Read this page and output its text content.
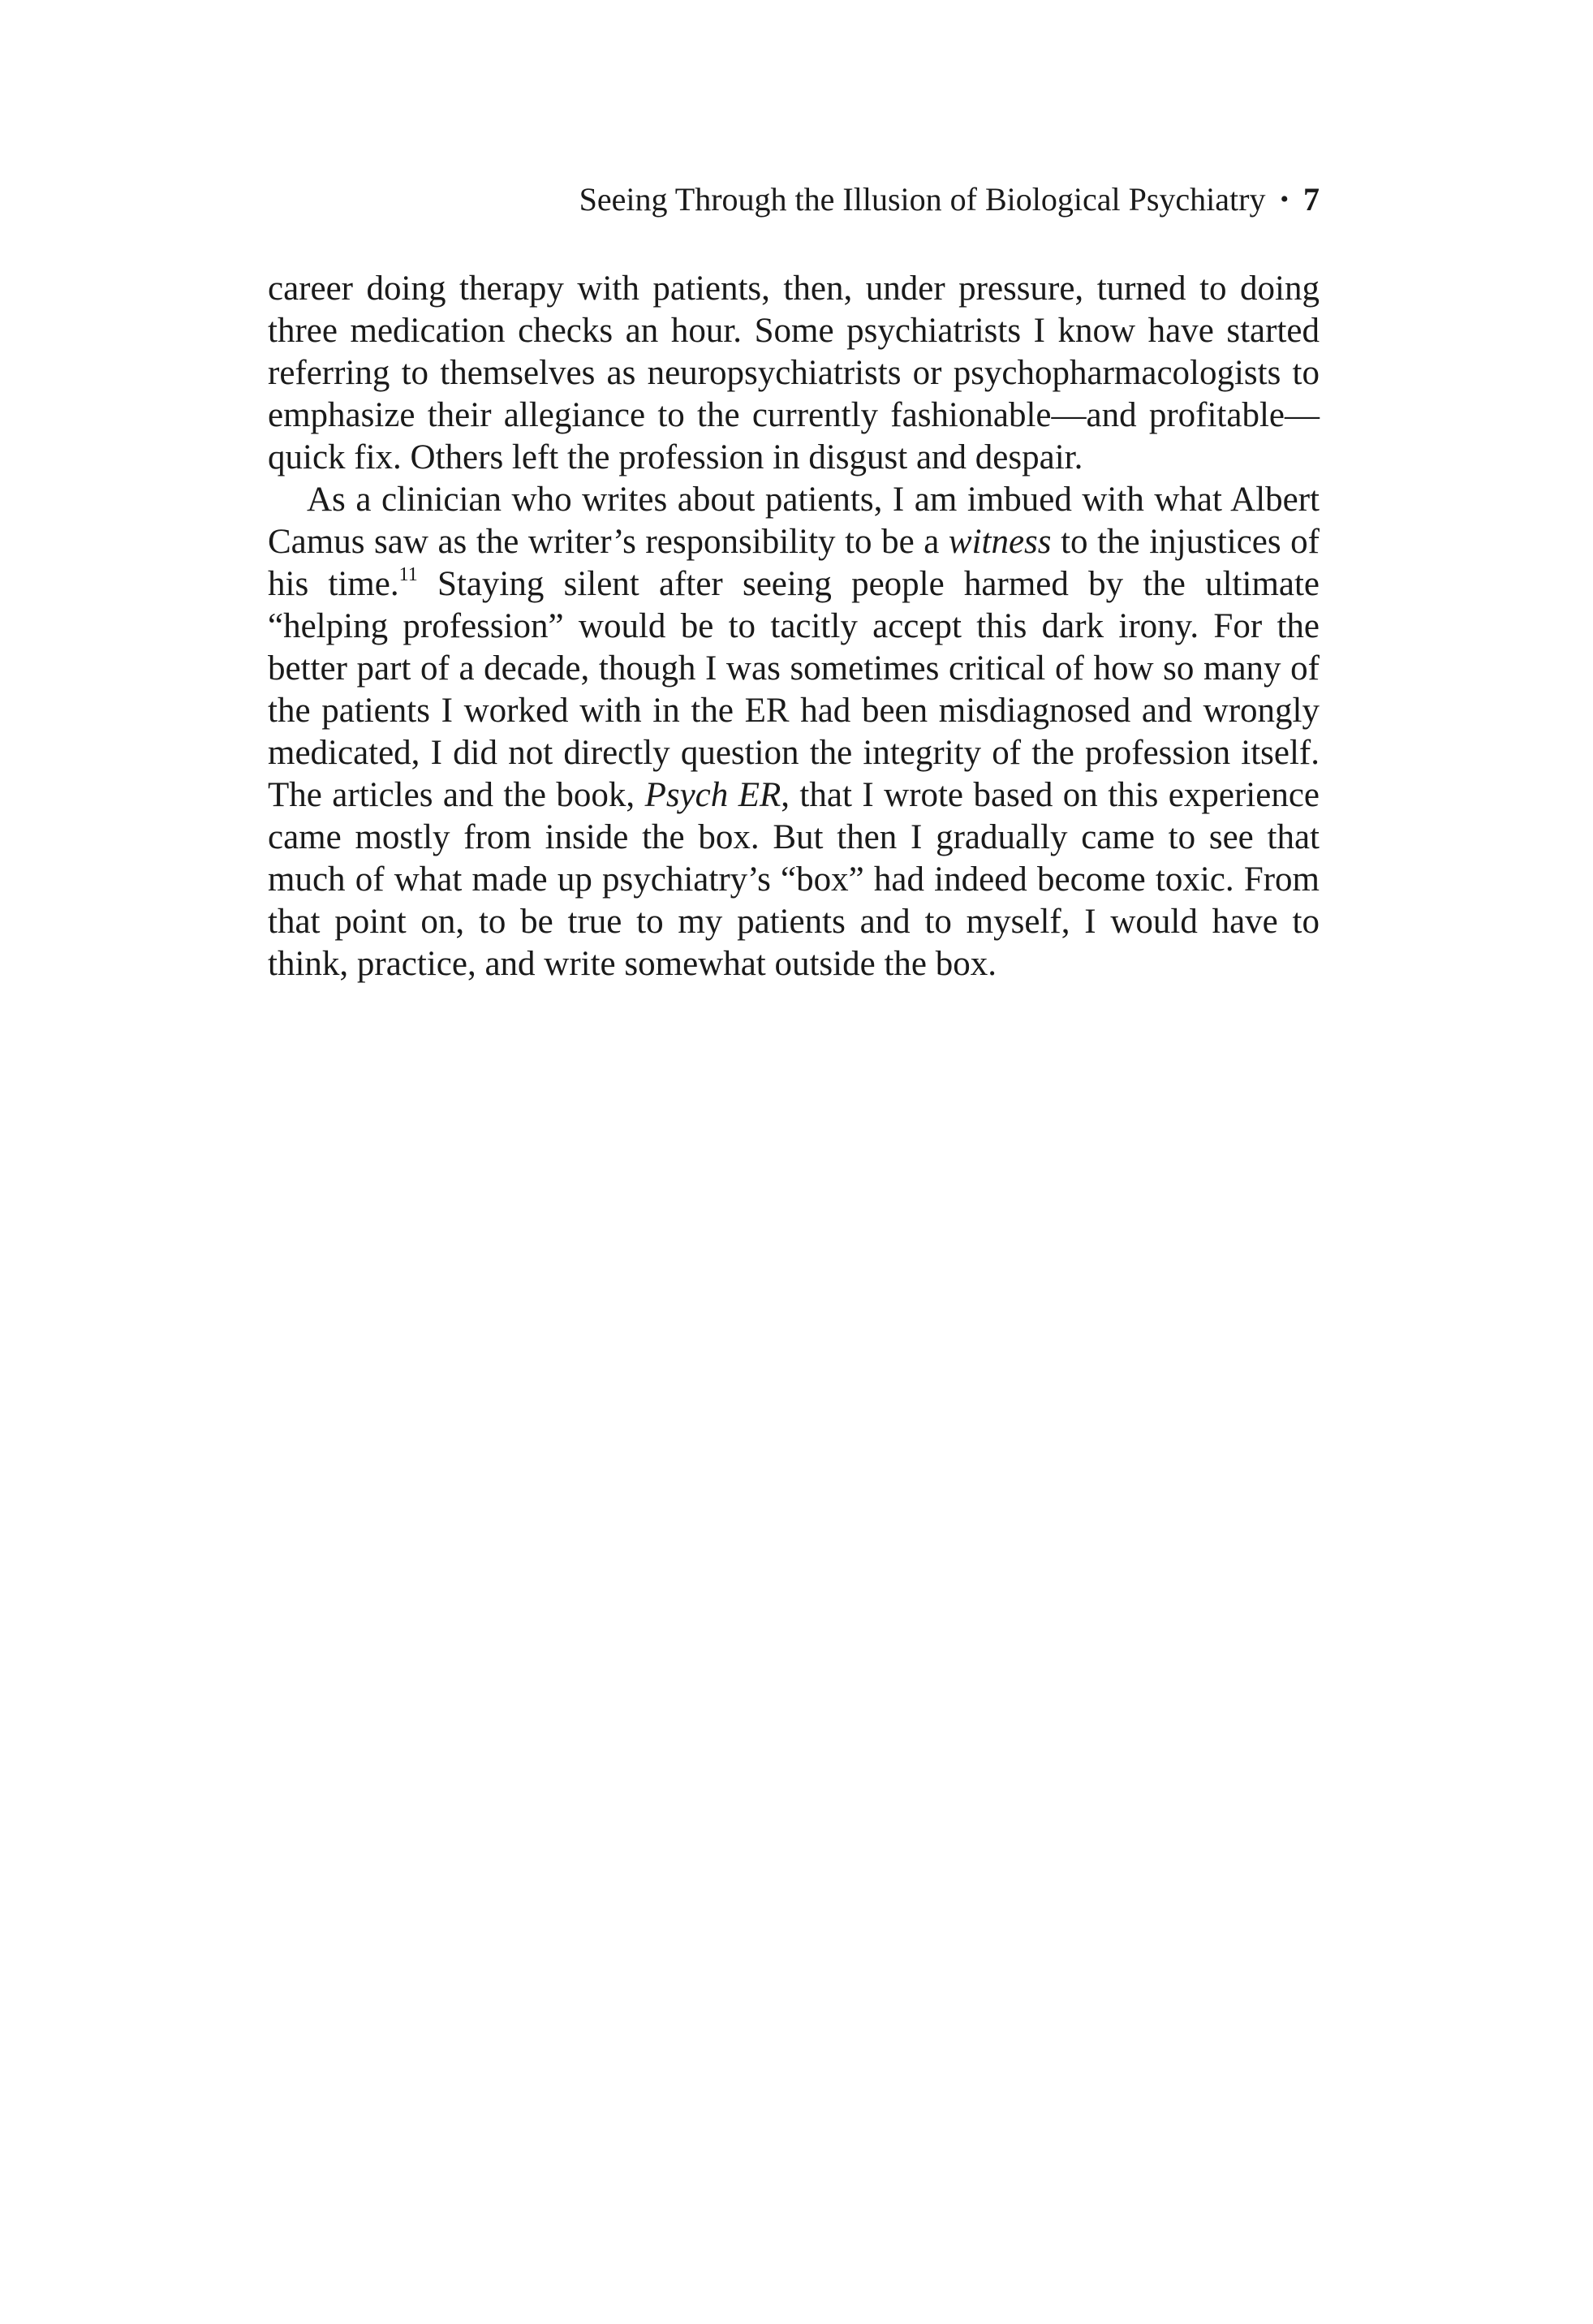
Seeing Through the Illusion of Biological Psychiatry • 7

career doing therapy with patients, then, under pressure, turned to doing three medication checks an hour. Some psychiatrists I know have started referring to themselves as neuropsychiatrists or psychopharmacologists to emphasize their allegiance to the currently fashionable—and profitable—quick fix. Others left the profession in disgust and despair.

As a clinician who writes about patients, I am imbued with what Albert Camus saw as the writer’s responsibility to be a witness to the injustices of his time.$^{11}$ Staying silent after seeing people harmed by the ultimate “helping profession” would be to tacitly accept this dark irony. For the better part of a decade, though I was sometimes critical of how so many of the patients I worked with in the ER had been misdiagnosed and wrongly medicated, I did not directly question the integrity of the profession itself. The articles and the book, Psych ER, that I wrote based on this experience came mostly from inside the box. But then I gradually came to see that much of what made up psychiatry’s “box” had indeed become toxic. From that point on, to be true to my patients and to myself, I would have to think, practice, and write somewhat outside the box.
